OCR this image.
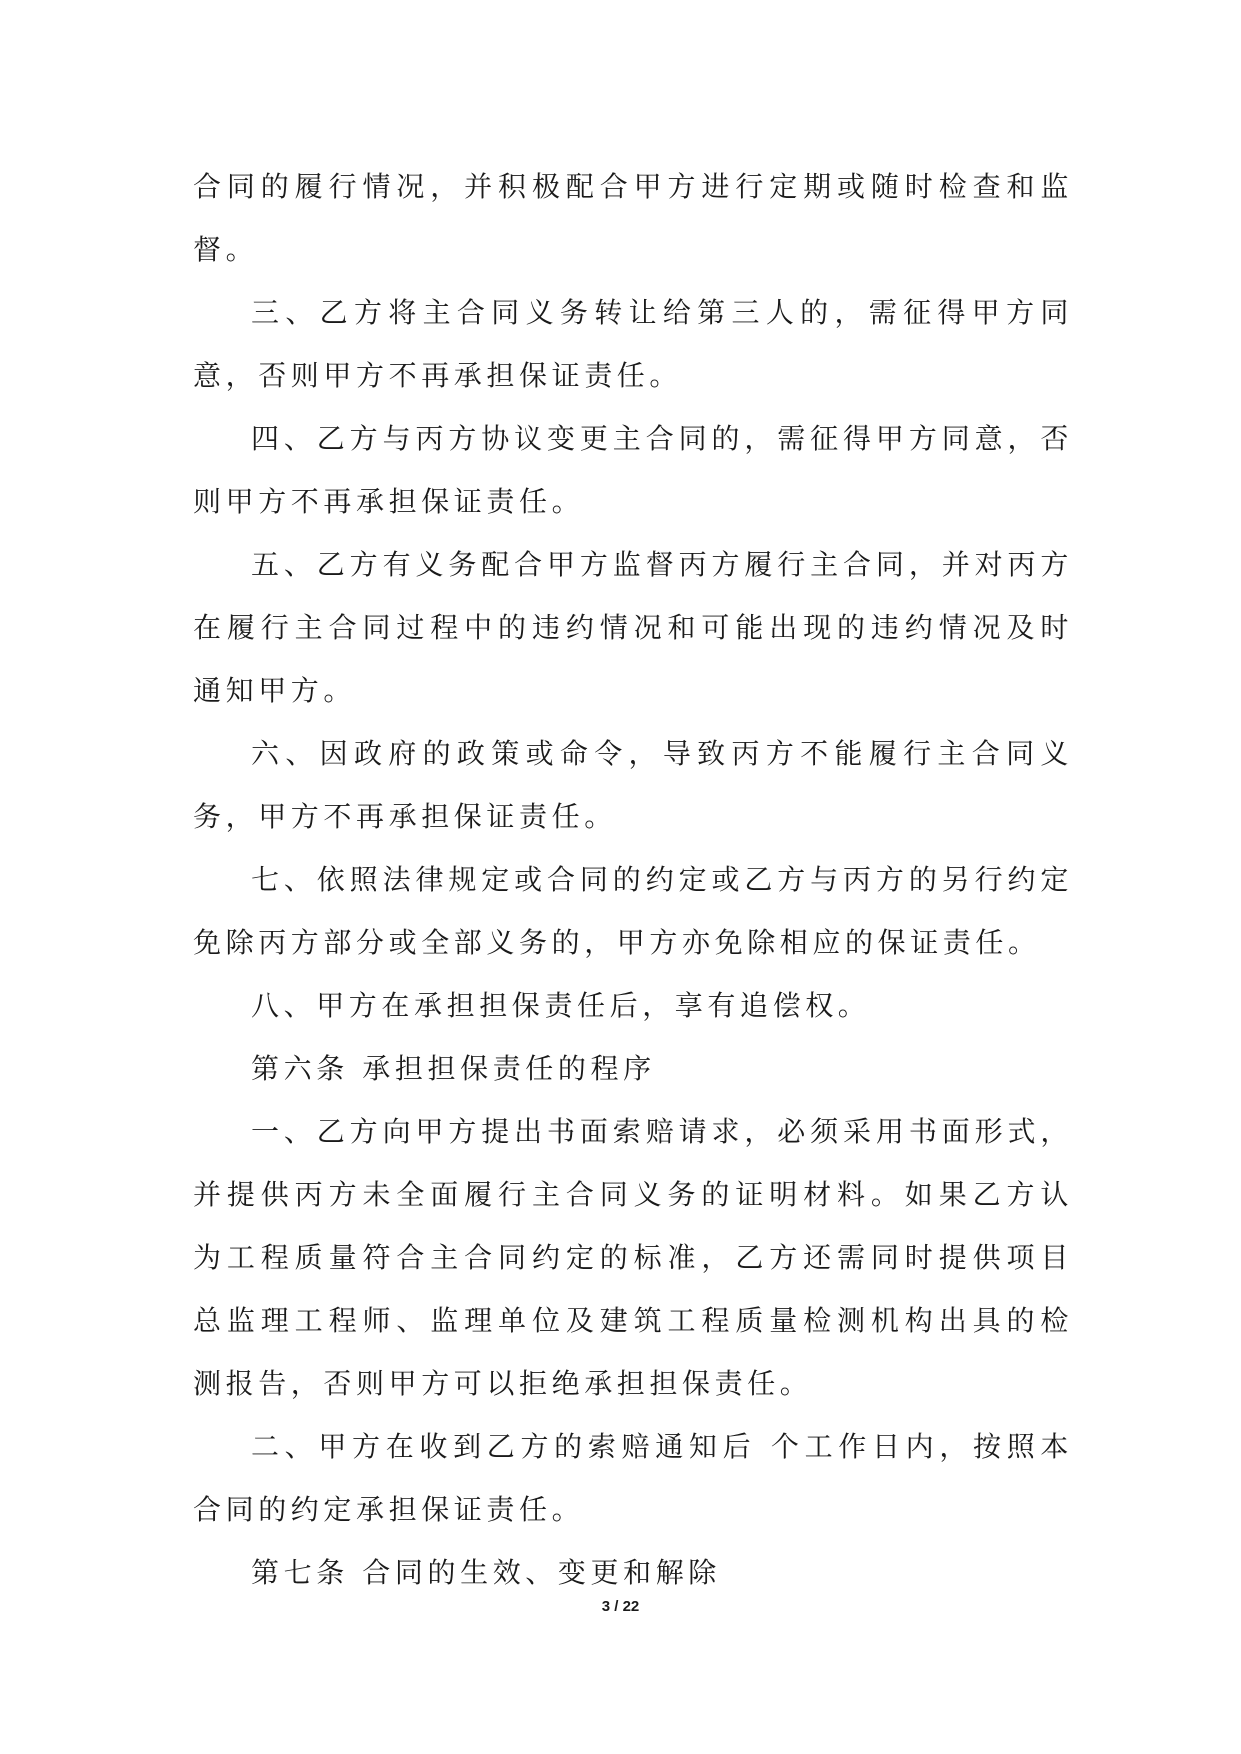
合同的履行情况，并积极配合甲方进行定期或随时检查和监督。

三、乙方将主合同义务转让给第三人的，需征得甲方同意，否则甲方不再承担保证责任。

四、乙方与丙方协议变更主合同的，需征得甲方同意，否则甲方不再承担保证责任。

五、乙方有义务配合甲方监督丙方履行主合同，并对丙方在履行主合同过程中的违约情况和可能出现的违约情况及时通知甲方。

六、因政府的政策或命令，导致丙方不能履行主合同义务，甲方不再承担保证责任。

七、依照法律规定或合同的约定或乙方与丙方的另行约定免除丙方部分或全部义务的，甲方亦免除相应的保证责任。

八、甲方在承担担保责任后，享有追偿权。

第六条 承担担保责任的程序

一、乙方向甲方提出书面索赔请求，必须采用书面形式，并提供丙方未全面履行主合同义务的证明材料。如果乙方认为工程质量符合主合同约定的标准，乙方还需同时提供项目总监理工程师、监理单位及建筑工程质量检测机构出具的检测报告，否则甲方可以拒绝承担担保责任。

二、甲方在收到乙方的索赔通知后 个工作日内，按照本合同的约定承担保证责任。

第七条 合同的生效、变更和解除

3 / 22
